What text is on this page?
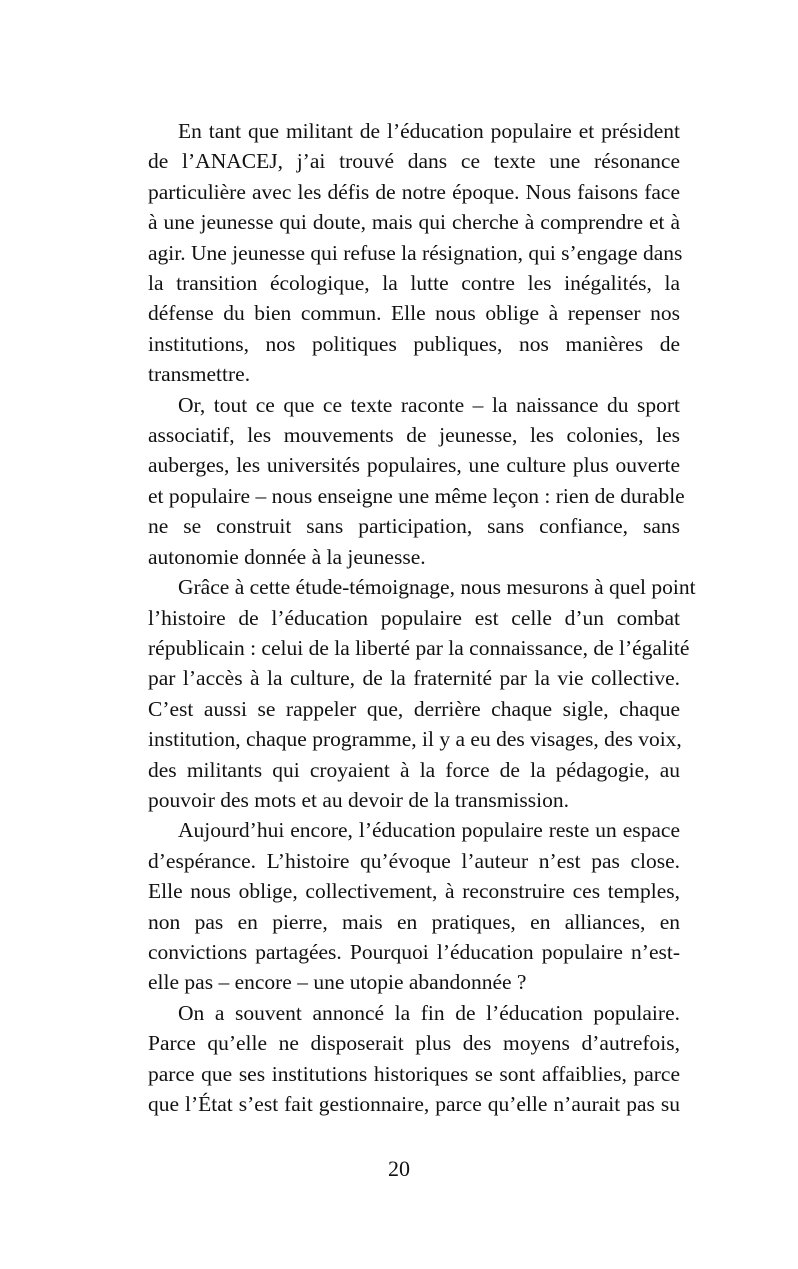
En tant que militant de l’éducation populaire et président
de l’ANACEJ, j’ai trouvé dans ce texte une résonance
particulière avec les défis de notre époque. Nous faisons face
à une jeunesse qui doute, mais qui cherche à comprendre et à
agir. Une jeunesse qui refuse la résignation, qui s’engage dans
la transition écologique, la lutte contre les inégalités, la
défense du bien commun. Elle nous oblige à repenser nos
institutions, nos politiques publiques, nos manières de
transmettre.
Or, tout ce que ce texte raconte – la naissance du sport
associatif, les mouvements de jeunesse, les colonies, les
auberges, les universités populaires, une culture plus ouverte
et populaire – nous enseigne une même leçon : rien de durable
ne se construit sans participation, sans confiance, sans
autonomie donnée à la jeunesse.
Grâce à cette étude-témoignage, nous mesurons à quel point
l’histoire de l’éducation populaire est celle d’un combat
républicain : celui de la liberté par la connaissance, de l’égalité
par l’accès à la culture, de la fraternité par la vie collective.
C’est aussi se rappeler que, derrière chaque sigle, chaque
institution, chaque programme, il y a eu des visages, des voix,
des militants qui croyaient à la force de la pédagogie, au
pouvoir des mots et au devoir de la transmission.
Aujourd’hui encore, l’éducation populaire reste un espace
d’espérance. L’histoire qu’évoque l’auteur n’est pas close.
Elle nous oblige, collectivement, à reconstruire ces temples,
non pas en pierre, mais en pratiques, en alliances, en
convictions partagées. Pourquoi l’éducation populaire n’est-
elle pas – encore – une utopie abandonnée ?
On a souvent annoncé la fin de l’éducation populaire.
Parce qu’elle ne disposerait plus des moyens d’autrefois,
parce que ses institutions historiques se sont affaiblies, parce
que l’État s’est fait gestionnaire, parce qu’elle n’aurait pas su
20
